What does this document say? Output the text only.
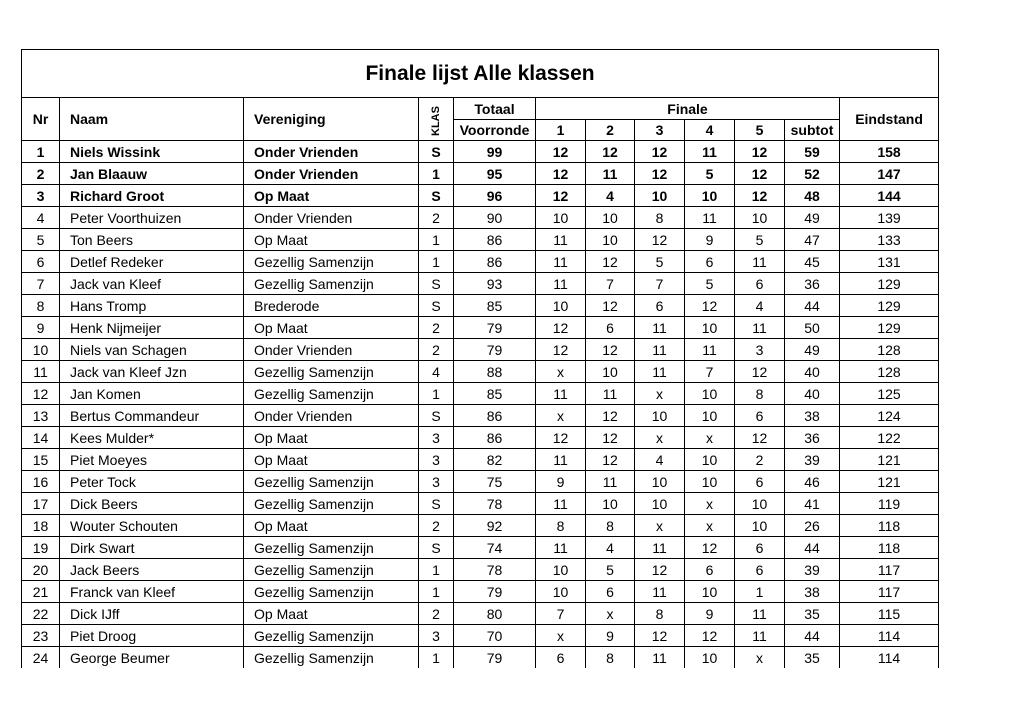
Finale lijst Alle klassen											
Nr	Naam	Vereniging	KLAS	Totaal	Finale						Eindstand
				Voorronde	1	2	3	4	5	subtot	
1	Niels Wissink	Onder Vrienden	S	99	12	12	12	11	12	59	158
2	Jan Blaauw	Onder Vrienden	1	95	12	11	12	5	12	52	147
3	Richard Groot	Op Maat	S	96	12	4	10	10	12	48	144
4	Peter Voorthuizen	Onder Vrienden	2	90	10	10	8	11	10	49	139
5	Ton Beers	Op Maat	1	86	11	10	12	9	5	47	133
6	Detlef Redeker	Gezellig Samenzijn	1	86	11	12	5	6	11	45	131
7	Jack van Kleef	Gezellig Samenzijn	S	93	11	7	7	5	6	36	129
8	Hans Tromp	Brederode	S	85	10	12	6	12	4	44	129
9	Henk Nijmeijer	Op Maat	2	79	12	6	11	10	11	50	129
10	Niels van Schagen	Onder Vrienden	2	79	12	12	11	11	3	49	128
11	Jack van Kleef Jzn	Gezellig Samenzijn	4	88	x	10	11	7	12	40	128
12	Jan Komen	Gezellig Samenzijn	1	85	11	11	x	10	8	40	125
13	Bertus Commandeur	Onder Vrienden	S	86	x	12	10	10	6	38	124
14	Kees Mulder*	Op Maat	3	86	12	12	x	x	12	36	122
15	Piet Moeyes	Op Maat	3	82	11	12	4	10	2	39	121
16	Peter Tock	Gezellig Samenzijn	3	75	9	11	10	10	6	46	121
17	Dick Beers	Gezellig Samenzijn	S	78	11	10	10	x	10	41	119
18	Wouter Schouten	Op Maat	2	92	8	8	x	x	10	26	118
19	Dirk Swart	Gezellig Samenzijn	S	74	11	4	11	12	6	44	118
20	Jack Beers	Gezellig Samenzijn	1	78	10	5	12	6	6	39	117
21	Franck van Kleef	Gezellig Samenzijn	1	79	10	6	11	10	1	38	117
22	Dick IJff	Op Maat	2	80	7	x	8	9	11	35	115
23	Piet Droog	Gezellig Samenzijn	3	70	x	9	12	12	11	44	114
24	George Beumer	Gezellig Samenzijn	1	79	6	8	11	10	x	35	114
